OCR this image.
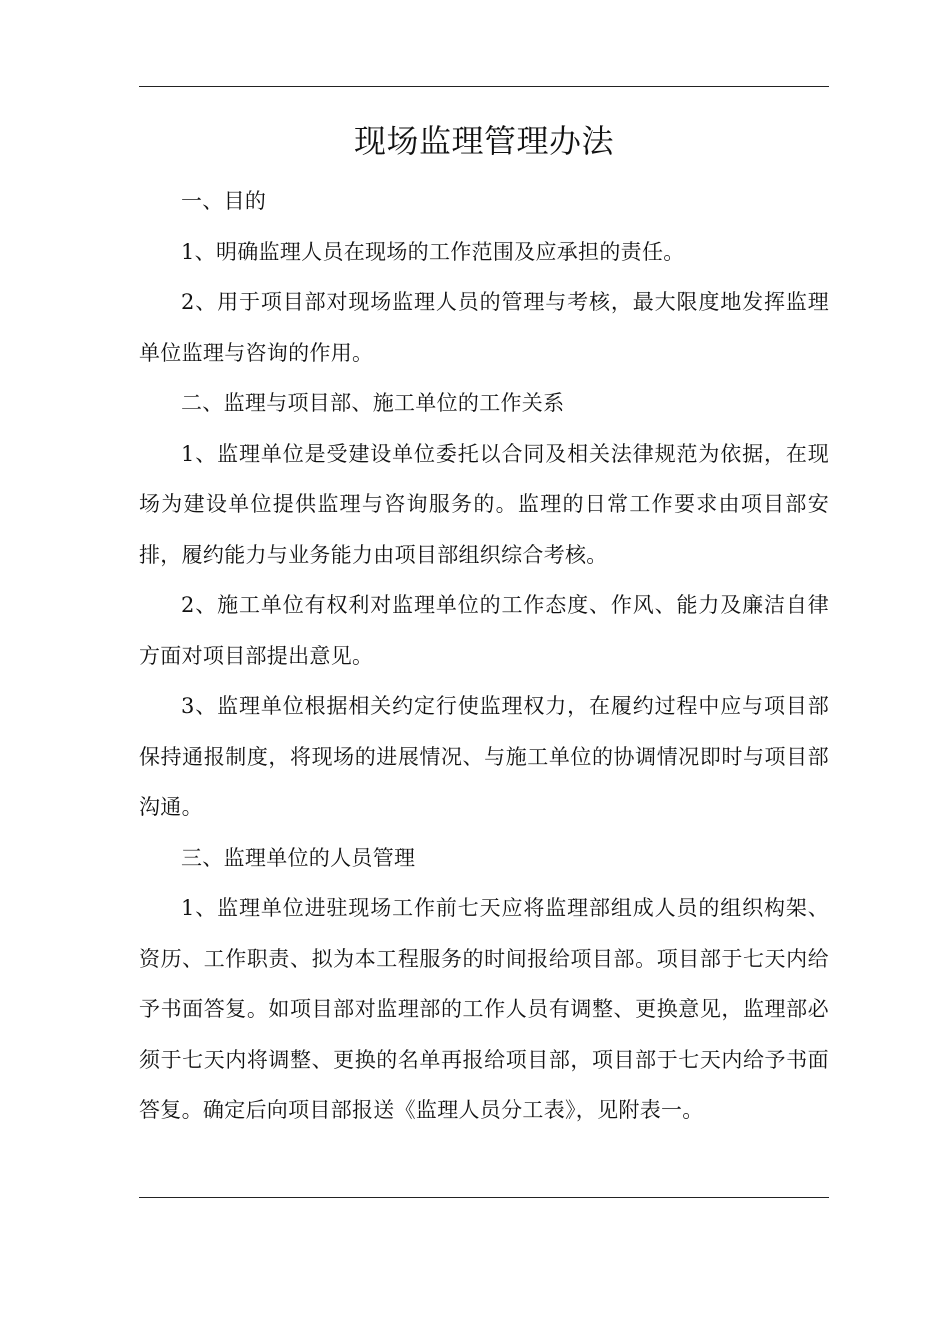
现场监理管理办法

一、目的

1、明确监理人员在现场的工作范围及应承担的责任。

2、用于项目部对现场监理人员的管理与考核，最大限度地发挥监理单位监理与咨询的作用。

二、监理与项目部、施工单位的工作关系

1、监理单位是受建设单位委托以合同及相关法律规范为依据，在现场为建设单位提供监理与咨询服务的。监理的日常工作要求由项目部安排，履约能力与业务能力由项目部组织综合考核。

2、施工单位有权利对监理单位的工作态度、作风、能力及廉洁自律方面对项目部提出意见。

3、监理单位根据相关约定行使监理权力，在履约过程中应与项目部保持通报制度，将现场的进展情况、与施工单位的协调情况即时与项目部沟通。

三、监理单位的人员管理

1、监理单位进驻现场工作前七天应将监理部组成人员的组织构架、资历、工作职责、拟为本工程服务的时间报给项目部。项目部于七天内给予书面答复。如项目部对监理部的工作人员有调整、更换意见，监理部必须于七天内将调整、更换的名单再报给项目部，项目部于七天内给予书面答复。确定后向项目部报送《监理人员分工表》，见附表一。
